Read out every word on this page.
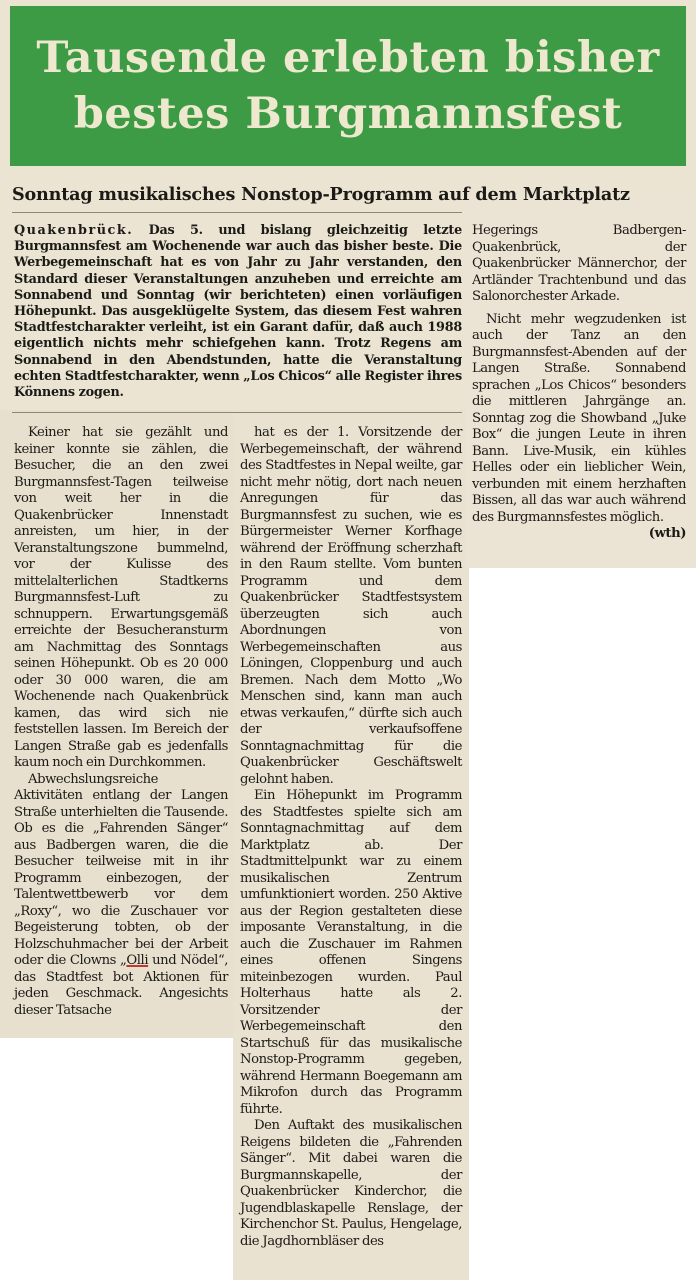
Tausende erlebten bisher
bestes Burgmannsfest
Sonntag musikalisches Nonstop-Programm auf dem Marktplatz

Quakenbrück. Das 5. und bislang gleichzeitig letzte Burgmannsfest am Wochenende war auch das bisher beste. Die Werbegemeinschaft hat es von Jahr zu Jahr verstanden, den Standard dieser Veranstaltungen anzuheben und erreichte am Sonnabend und Sonntag (wir berichteten) einen vorläufigen Höhepunkt. Das ausgeklügelte System, das diesem Fest wahren Stadtfestcharakter verleiht, ist ein Garant dafür, daß auch 1988 eigentlich nichts mehr schiefgehen kann. Trotz Regens am Sonnabend in den Abendstunden, hatte die Veranstaltung echten Stadtfestcharakter, wenn „Los Chicos“ alle Register ihres Könnens zogen.

Keiner hat sie gezählt und keiner konnte sie zählen, die Besucher, die an den zwei Burgmannsfest-Tagen teilweise von weit her in die Quakenbrücker Innenstadt anreisten, um hier, in der Veranstaltungszone bummelnd, vor der Kulisse des mittelalterlichen Stadtkerns Burgmannsfest-Luft zu schnuppern. Erwartungsgemäß erreichte der Besucheransturm am Nachmittag des Sonntags seinen Höhepunkt. Ob es 20 000 oder 30 000 waren, die am Wochenende nach Quakenbrück kamen, das wird sich nie feststellen lassen. Im Bereich der Langen Straße gab es jedenfalls kaum noch ein Durchkommen.

Abwechslungsreiche Aktivitäten entlang der Langen Straße unterhielten die Tausende. Ob es die „Fahrenden Sänger“ aus Badbergen waren, die die Besucher teilweise mit in ihr Programm einbezogen, der Talentwettbewerb vor dem „Roxy“, wo die Zuschauer vor Begeisterung tobten, ob der Holzschuhmacher bei der Arbeit oder die Clowns „Olli und Nödel“, das Stadtfest bot Aktionen für jeden Geschmack. Angesichts dieser Tatsache

hat es der 1. Vorsitzende der Werbegemeinschaft, der während des Stadtfestes in Nepal weilte, gar nicht mehr nötig, dort nach neuen Anregungen für das Burgmannsfest zu suchen, wie es Bürgermeister Werner Korfhage während der Eröffnung scherzhaft in den Raum stellte. Vom bunten Programm und dem Quakenbrücker Stadtfestsystem überzeugten sich auch Abordnungen von Werbegemeinschaften aus Löningen, Cloppenburg und auch Bremen. Nach dem Motto „Wo Menschen sind, kann man auch etwas verkaufen,“ dürfte sich auch der verkaufsoffene Sonntagnachmittag für die Quakenbrücker Geschäftswelt gelohnt haben.

Ein Höhepunkt im Programm des Stadtfestes spielte sich am Sonntagnachmittag auf dem Marktplatz ab. Der Stadtmittelpunkt war zu einem musikalischen Zentrum umfunktioniert worden. 250 Aktive aus der Region gestalteten diese imposante Veranstaltung, in die auch die Zuschauer im Rahmen eines offenen Singens miteinbezogen wurden. Paul Holterhaus hatte als 2. Vorsitzender der Werbegemeinschaft den Startschuß für das musikalische Nonstop-Programm gegeben, während Hermann Boegemann am Mikrofon durch das Programm führte.

Den Auftakt des musikalischen Reigens bildeten die „Fahrenden Sänger“. Mit dabei waren die Burgmannskapelle, der Quakenbrücker Kinderchor, die Jugendblaskapelle Renslage, der Kirchenchor St. Paulus, Hengelage, die Jagdhornbläser des

Hegerings Badbergen-Quakenbrück, der Quakenbrücker Männerchor, der Artländer Trachtenbund und das Salonorchester Arkade.

Nicht mehr wegzudenken ist auch der Tanz an den Burgmannsfest-Abenden auf der Langen Straße. Sonnabend sprachen „Los Chicos“ besonders die mittleren Jahrgänge an. Sonntag zog die Showband „Juke Box“ die jungen Leute in ihren Bann. Live-Musik, ein kühles Helles oder ein lieblicher Wein, verbunden mit einem herzhaften Bissen, all das war auch während des Burgmannsfestes möglich.
(wth)
